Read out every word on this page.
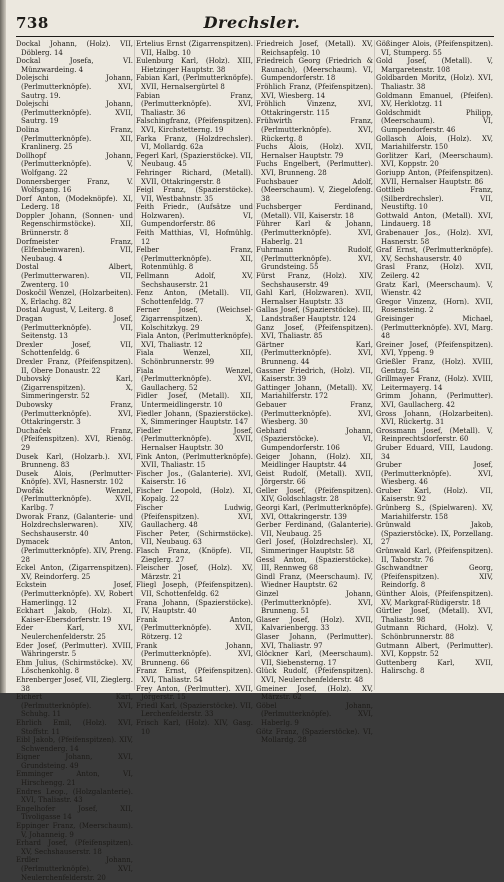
738	Drechsler.

Dockal Johann, (Holz). VII, Döblerg. 14

Dockal Josefa, VI. Münzwardeing. 4

Dolejschi Johann, (Perlmutterknöpfe). XVI, Sautrg. 19.

Dolejschi Johann, (Perlmutterknöpfe). XVII, Sautrg. 19

Dolina Franz, (Perlmutterknöpfe). XII, Kranlinerg. 25

Dollhopf Johann, (Perlmutterknöpfe). V, Wolfgang. 22

Donnersberger Franz, V. Wolfsgang. 16

Dorf Anton, (Modeknöpfe). XI, Lederg. 18

Doppler Johann, (Sonnen- und Regenschirmstöcke). XII, Brünnerstr. 8

Dorfmeister Franz, (Elfenbeinwaren). VII, Neubaug. 4

Dostal Albert, (Perlmutterwaren). VII, Zwenterg. 10

Doskočil Wenzel, (Holzarbeiten). X, Erlachg. 82

Dostal August, V, Leiterg. 8

Dragan Josef, (Perlmutterknöpfe). VII, Seitenstg. 13

Drexler Josef, VII, Schottenfeldg. 6

Drexler Franz, (Pfeifenspitzen). II, Obere Donaustr. 22

Dubovský Karl, (Zigarrenspitzen). X, Simmeringerstr. 52

Dubowsky Franz, (Perlmutterknöpfe). XVI, Ottakringerstr. 3

Duchaček Franz, (Pfeifenspitzen). XVI, Rienög. 29

Dusek Karl, (Holzarb.). XVI, Brunneng. 83

Dusek Alois, (Perlmutter-Knöpfe). XVI, Hasnerstr. 102

Dwořák Wenzel, (Perlmutterknöpfe). XVII, Karlbg. 7

Dworak Franz, (Galanterie- und Holzdrechslerwaren). XIV, Sechshauserstr. 40

Dymacek Anton, (Perlmutterknöpfe). XIV, Preng. 28

Eckel Anton, (Zigarrenspitzen). XV, Reindorferg. 25

Eckstein Josef, (Perlmutterknöpfe). XV, Robert Hamerlingg. 12

Eckhart Jakob, (Holz). XI, Kaiser-Ebersdorferstr. 19

Eder Karl, XVI, Neulerchenfelderstr. 25

Eder Josef, (Perlmutter). XVIII, Währingerstr. 5

Ehm Julius, (Schirmstöcke). XV, Löschenkohlg. 8

Ehrenberger Josef, VII, Zieglerg. 38

Eichert Karl, (Perlmutterknöpfe). XVI, Schuhg. 11

Ehrlich Emil, (Holz). XVI, Stoffstr. 11

Eibl Jakob, (Pfeifenspitzen). XIV, Schwenderg. 14

Eigner Johann, XVI, Grundsteing. 49

Emminger Anton, VI, Hirschengg. 21

Endres Leop., (Holzgalanterie). XVI, Thaliastr. 43

Engelhofer Josef, XII, Tivoligasse 14

Eppinger Franz, (Meerschaum). V, Johanneig. 9

Erhard Josef, (Pfeifenspitzen). XV, Sechshauserstr. 18

Erdler Johann, (Perlmutterknöpfe). XVI, Neulerchenfelderstr. 20

Ertelius Ernst (Zigarrenspitzen). VII, Halbg. 10

Eulenburg Karl, (Holz). XIII, Hietzinger Hauptstr. 38

Fabian Karl, (Perlmutterknöpfe). XVII, Hernalsergürtel 8

Fabian Franz, (Perlmutterknöpfe). XVI, Thaliastr. 36

Falschingfranz, (Pfeifenspitzen). XVI, Kirchstetterng. 19

Farka Franz, (Holzdrechsler). VI, Mollardg. 62a

Fegerl Karl, (Spazierstöcke). VII, Neubaug. 45

Fehringer Richard, (Metall). XVII, Ottakringerstr. 8

Feigl Franz, (Spazierstöcke). VII, Westbahnstr. 35

Feith Friedr., (Aufsätze und Holzwaren). VI, Gumpendorferstr. 86

Feith Matthias, VI, Hofmühlg. 12

Felber Franz, (Perlmutterknöpfe). XII, Rotenmühlg. 8

Fellmann Adolf, XV, Sechshauserstr. 21

Fenz Anton, (Metall). VII, Schottenfeldg. 77

Ferner Josef, (Weichsel-Zigarrenspitzen). X, Kolschitzkyg. 29

Fiala Anton, (Perlmutterknöpfe). XVI, Thaliastr. 12

Fiala Wenzel, XII, Schönbrunnerstr. 99

Fiala Wenzel, (Perlmutterknöpfe). XVI, Gaullacherg. 52

Fidler Josef, (Metall). XII, Untermeidlingerstr. 10

Fiedler Johann, (Spazierstöcke). X, Simmeringer Hauptstr. 147

Fiedler Josef, (Perlmutterknöpfe). XVII, Hernalser Hauptstr. 30

Fink Anton, (Perlmutterknöpfe). XVII, Thaliastr. 15

Fischer Jos., (Galanterie). XVI, Kaiserstr. 16

Fischer Leopold, (Holz). XI, Kopalg. 22

Fischer Ludwig, (Pfeifenspitzen). XVI, Gaullacherg. 48

Fischer Peter, (Schirmstöcke). VII, Neubaug. 63

Flasch Franz, (Knöpfe). VII, Zieglerg. 27

Fleischer Josef, (Holz). XV, Märzstr. 21

Fliegl Joseph, (Pfeifenspitzen). VII, Schottenfeldg. 62

Frana Johann, (Spazierstöcke). IV, Hauptstr. 40

Frank Anton, (Perlmutterknöpfe). XVII, Rötzerg. 12

Frank Johann, (Perlmutterknöpfe). XVI, Brunneng. 66

Franz Ernst, (Pfeifenspitzen). XVI, Thaliastr. 54

Frey Anton, (Perlmutter). XVII, Jörgerstr. 15

Friedl Karl, (Spazierstöcke). VII, Lerchenfelderstr. 33

Frisch Karl, (Holz). XIV, Gasg. 10

Friedreich Josef, (Metall). XV, Reichsapfelg. 10

Friedreich Georg (Friedrich & Raunach), (Meerschaum). VI, Gumpendorferstr. 18

Fröhlich Franz, (Pfeifenspitzen). XVI, Wiesberg. 14

Fröhlich Vinzenz, XVI, Ottakringerstr. 115

Frühwirth Franz, (Perlmutterknöpfe). XVI, Rückertg. 8

Fuchs Alois, (Holz). XVII, Hernalser Hauptstr. 79

Fuchs Engelbert, (Perlmutter). XVI, Brunneng. 28

Fuchsbauer Adolf, (Meerschaum). V, Ziegelofeng. 38

Fuchsberger Ferdinand, (Metall). VII, Kaiserstr. 18

Führer Karl & Johann, (Perlmutterknöpfe). XVI, Haberlg. 21

Fuhrmann Rudolf, (Perlmutterknöpfe). XVI, Grundsteing. 55

Fürst Franz, (Holz). XIV, Sechshauserstr. 49

Gahl Karl, (Holzwaren). XVII, Hernalser Hauptstr. 33

Gallas Josef, (Spazierstöcke). III, Landstraßer Hauptstr. 124

Ganz Josef, (Pfeifenspitzen). XVI, Thaliastr. 85

Gärtner Karl, (Perlmutterknöpfe). XVI, Brunneng. 44

Gassner Friedrich, (Holz). VII, Kaiserstr. 39

Gattinger Johann, (Metall). XV, Mariahilferstr. 172

Gebauer Franz, (Perlmutterknöpfe). XVI, Wiesberg. 30

Gebhard Johann, (Spazierstöcke). VI, Gumpendorferstr. 106

Geiger Johann, (Holz). XII, Meidlinger Hauptstr. 44

Geist Rudolf, (Metall). XVII, Jörgerstr. 66

Geller Josef, (Pfeifenspitzen). XIV, Goldschlagstr. 28

Georgi Karl, (Perlmutterknöpfe). XVI, Ottakringerstr. 139

Gerber Ferdinand, (Galanterie). VII, Neubaug. 25

Gerl Josef, (Holzdrechsler). XI, Simmeringer Hauptstr. 58

Gessl Anton, (Spazierstöcke). III, Rennweg 68

Gindl Franz, (Meerschaum). IV, Wiedner Hauptstr. 62

Ginzel Johann, (Perlmutterknöpfe). XVI, Brunneng. 51

Glaser Josef, (Holz). XVII, Kalvarienbergg. 33

Glaser Johann, (Perlmutter). XVI, Thaliastr. 97

Glöckner Karl, (Meerschaum). VII, Siebensterng. 17

Glück Rudolf, (Pfeifenspitzen). XVI, Neulerchenfelderstr. 48

Gmeiner Josef, (Holz). XV, Märzstr. 62

Göbel Johann, (Perlmutterknöpfe). XVI, Haberlg. 9

Götz Franz, (Spazierstöcke). VI, Mollardg. 28

Gößinger Alois, (Pfeifenspitzen). VI, Stumperg. 55

Gold Josef, (Metall). V, Margaretenstr. 108

Goldbarden Moritz, (Holz). XVI, Thaliastr. 38

Goldmann Emanuel, (Pfeifen). XV, Herklotzg. 11

Goldschmidt Philipp, (Meerschaum). VI, Gumpendorferstr. 46

Gollasch Alois, (Holz). XV, Mariahilferstr. 150

Gorlitzer Karl, (Meerschaum). XVI, Koppstr. 20

Goriupp Anton, (Pfeifenspitzen). XVII, Hernalser Hauptstr. 86

Gottlieb Franz, (Silberdrechsler). VII, Neustiftg. 10

Gottwald Anton, (Metall). XVI, Lindauerg. 18

Grabenauer Jos., (Holz). XVI, Hasnerstr. 58

Graf Ernst, (Perlmutterknöpfe). XV, Sechshauserstr. 40

Grasl Franz, (Holz). XVII, Zeilerg. 42

Gratz Karl, (Meerschaum). V, Wienstr. 42

Gregor Vinzenz, (Horn). XVII, Rosensteing. 2

Greisinger Michael, (Perlmutterknöpfe). XVI, Marg. 48

Greiner Josef, (Pfeifenspitzen). XVI, Yppeng. 9

Grießler Franz, (Holz). XVIII, Gentzg. 54

Grillmayer Franz, (Holz). XVIII, Leitermayerg. 14

Grimm Johann, (Perlmutter). XVI, Gaullacherg. 42

Gross Johann, (Holzarbeiten). XVI, Rückertg. 31

Grossmann Josef, (Metall). V, Reinprechtsdorferstr. 60

Gruber Eduard, VIII, Laudong. 34

Gruber Josef, (Perlmutterknöpfe). XVI, Wiesberg. 46

Gruber Karl, (Holz). VII, Kaiserstr. 92

Grünberg S., (Spielwaren). XV, Mariahilferstr. 158

Grünwald Jakob, (Spazierstöcke). IX, Porzellang. 27

Grünwald Karl, (Pfeifenspitzen). II, Taborstr. 76

Gschwandtner Georg, (Pfeifenspitzen). XIV, Reindorfg. 8

Günther Alois, (Pfeifenspitzen). XV, Markgraf-Rüdigerstr. 18

Gürtler Josef, (Metall). XVI, Thaliastr. 98

Gutmann Richard, (Holz). V, Schönbrunnerstr. 88

Gutmann Albert, (Perlmutter). XVI, Koppstr. 52

Guttenberg Karl, XVII, Halirschg. 8
